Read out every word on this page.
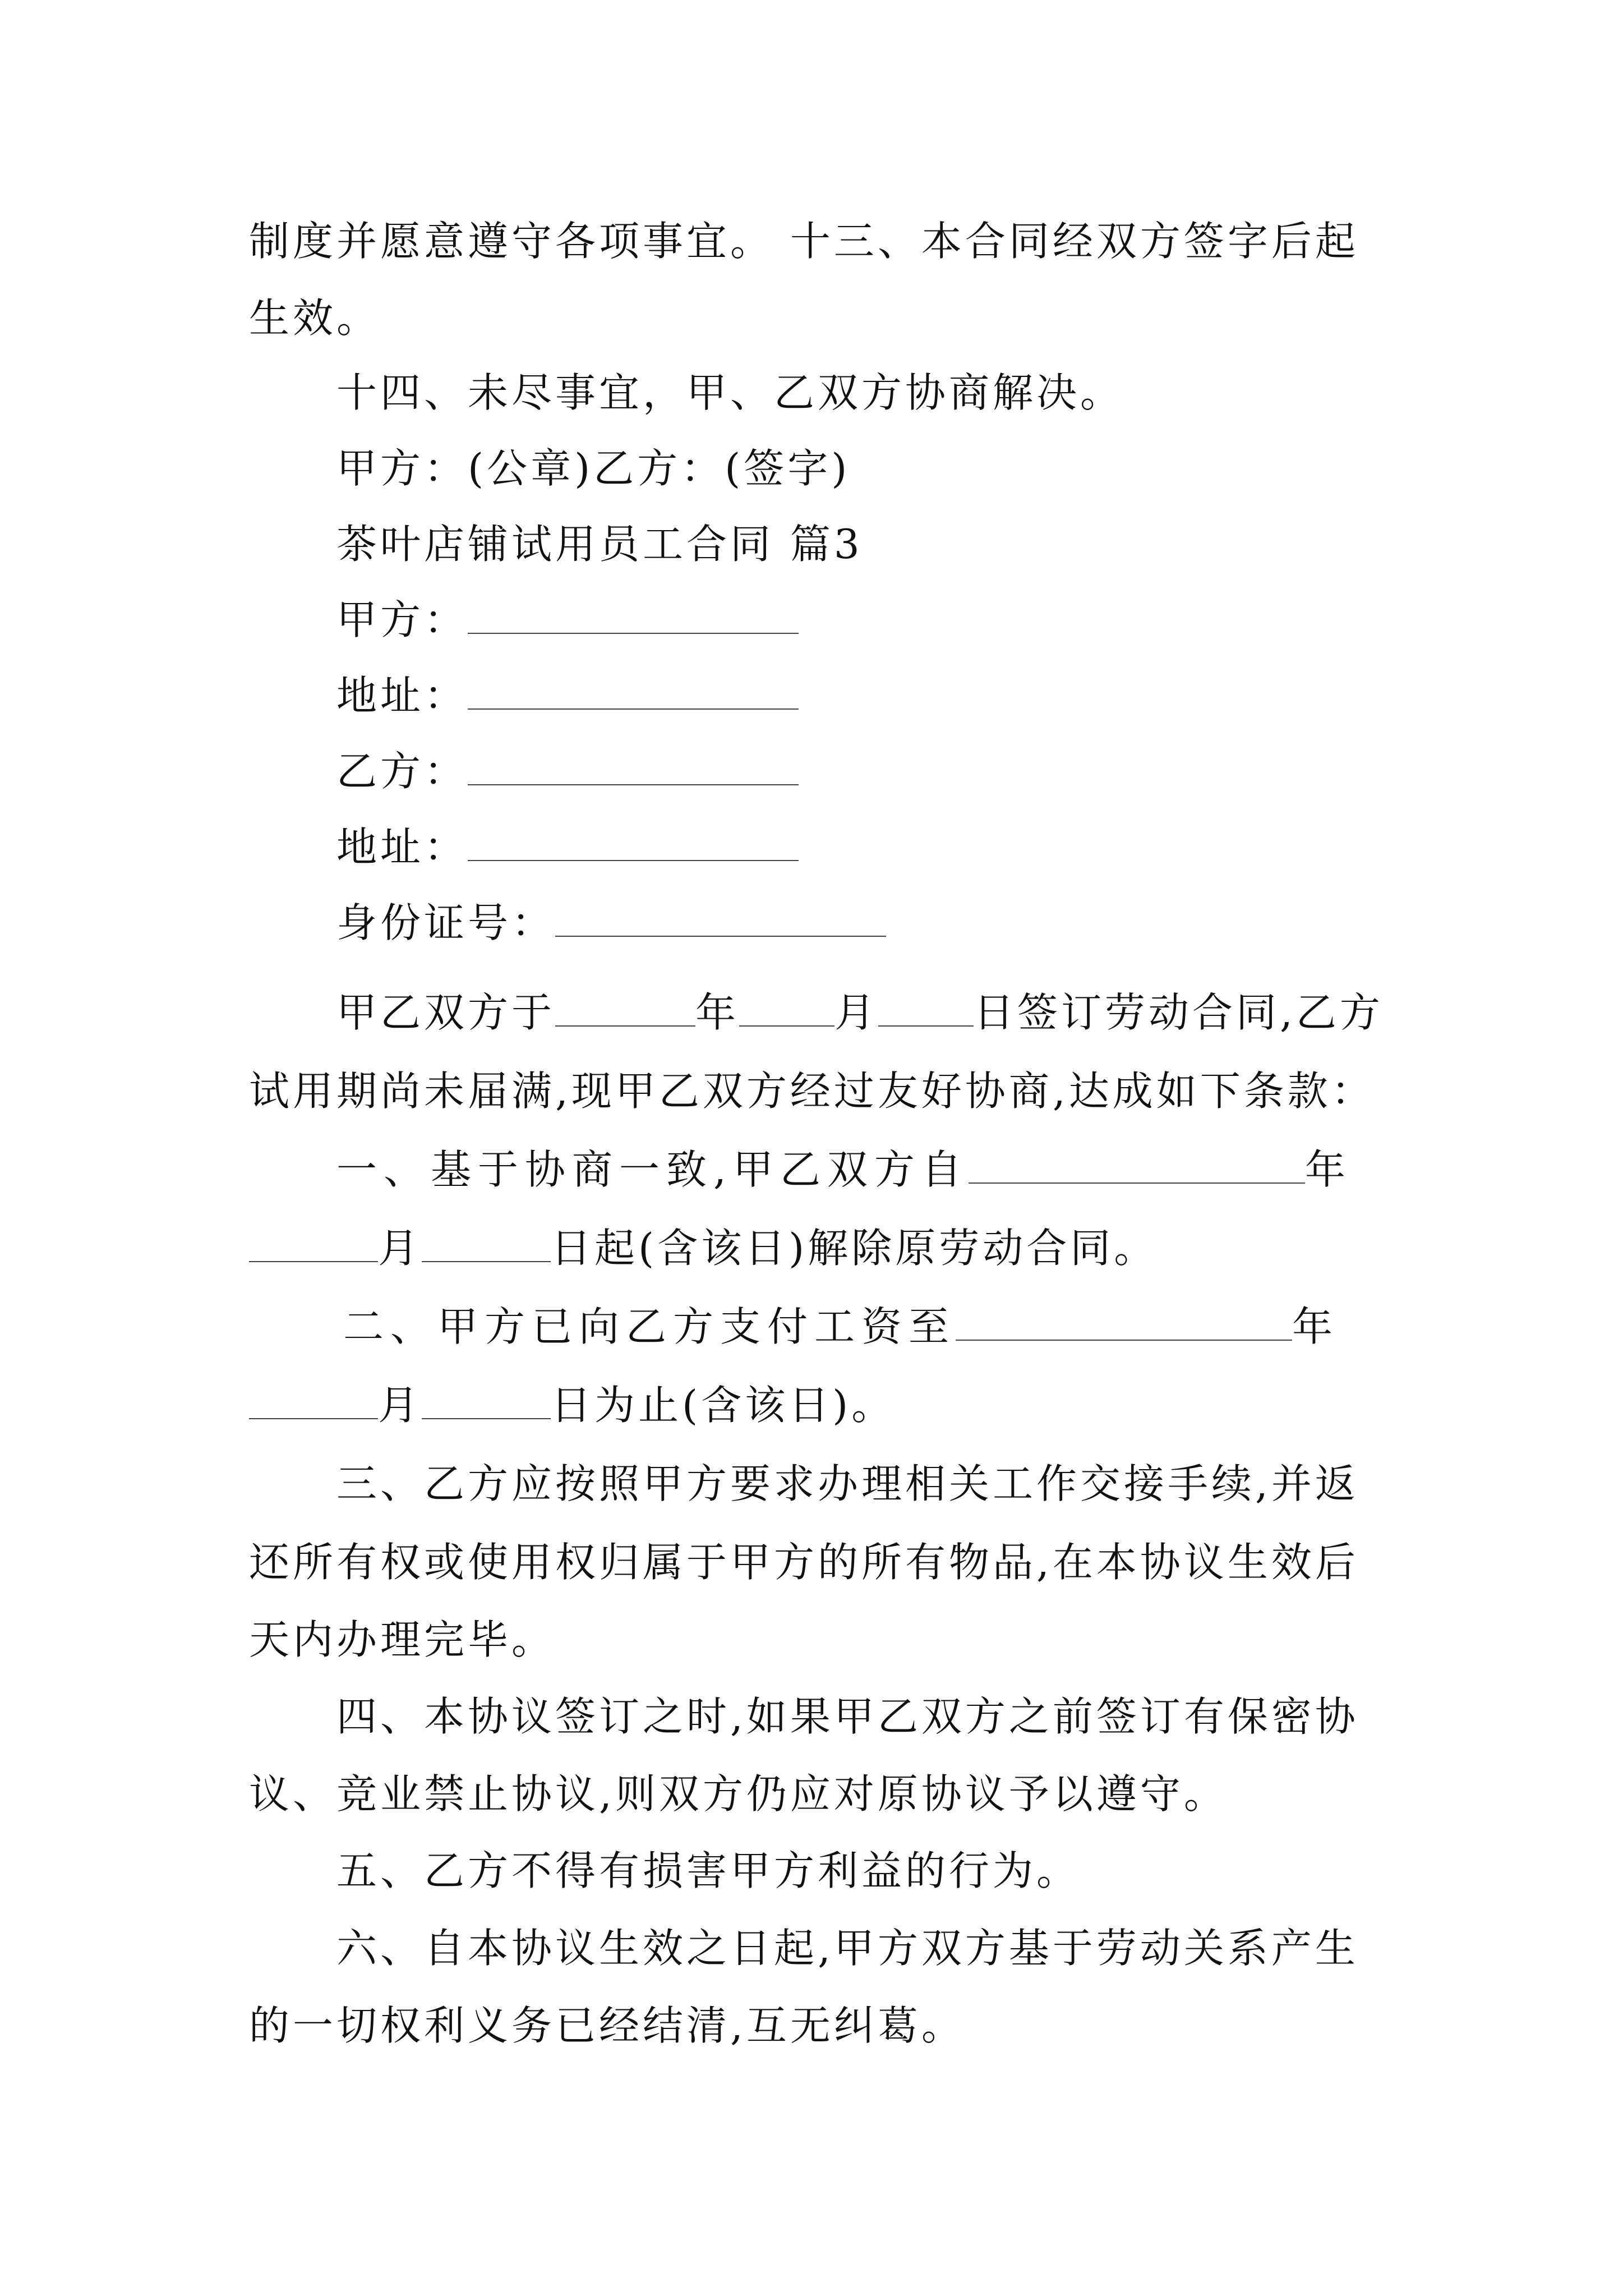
制度并愿意遵守各项事宜。 十三、本合同经双方签字后起
生效。
十四、未尽事宜，甲、乙双方协商解决。
甲方：(公章)乙方：(签字)
茶叶店铺试用员工合同 篇3
甲方：
地址：
乙方：
地址：
身份证号：
甲乙双方于	年 月 日签订劳动合同,乙方
试用期尚未届满,现甲乙双方经过友好协商,达成如下条款：
一、基于协商一致,甲乙双方自	年
月	日起(含该日)解除原劳动合同。
二、甲方已向乙方支付工资至	年
月	日为止(含该日)。
三、乙方应按照甲方要求办理相关工作交接手续,并返
还所有权或使用权归属于甲方的所有物品,在本协议生效后
天内办理完毕。
四、本协议签订之时,如果甲乙双方之前签订有保密协
议、竞业禁止协议,则双方仍应对原协议予以遵守。
五、乙方不得有损害甲方利益的行为。
六、自本协议生效之日起,甲方双方基于劳动关系产生
的一切权利义务已经结清,互无纠葛。
